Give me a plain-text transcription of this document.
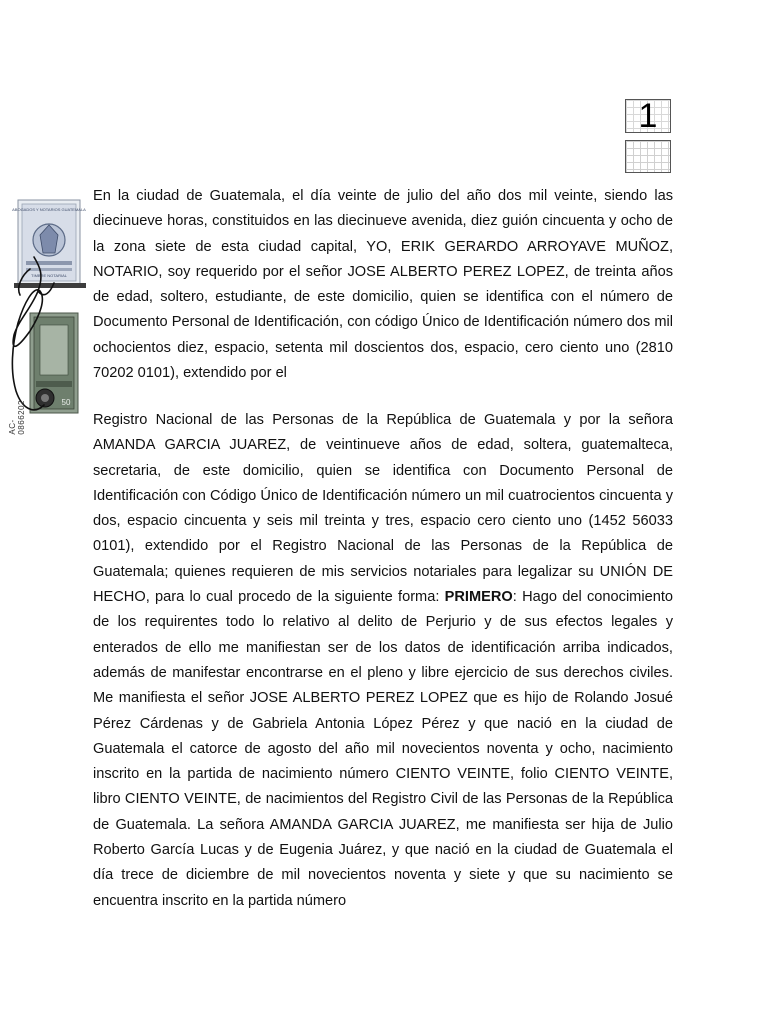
1
ABOGADOS Y NOTARIOS GUATEMALA
TIMBRE NOTARIAL
50
AC-0866202

En la ciudad de Guatemala, el día veinte de julio del año dos mil veinte, siendo las diecinueve horas, constituidos en las diecinueve avenida, diez guión cincuenta y ocho de la zona siete de esta ciudad capital, YO, ERIK GERARDO ARROYAVE MUÑOZ, NOTARIO, soy requerido por el señor JOSE ALBERTO PEREZ LOPEZ, de treinta años de edad, soltero, estudiante, de este domicilio, quien se identifica con el número de Documento Personal de Identificación, con código Único de Identificación número dos mil ochocientos diez, espacio, setenta mil doscientos dos, espacio, cero ciento uno (2810 70202 0101), extendido por el

Registro Nacional de las Personas de la República de Guatemala y por la señora AMANDA GARCIA JUAREZ, de veintinueve años de edad, soltera, guatemalteca, secretaria, de este domicilio, quien se identifica con Documento Personal de Identificación con Código Único de Identificación número un mil cuatrocientos cincuenta y dos, espacio cincuenta y seis mil treinta y tres, espacio cero ciento uno (1452 56033 0101), extendido por el Registro Nacional de las Personas de la República de Guatemala; quienes requieren de mis servicios notariales para legalizar su UNIÓN DE HECHO, para lo cual procedo de la siguiente forma: PRIMERO: Hago del conocimiento de los requirentes todo lo relativo al delito de Perjurio y de sus efectos legales y enterados de ello me manifiestan ser de los datos de identificación arriba indicados, además de manifestar encontrarse en el pleno y libre ejercicio de sus derechos civiles. Me manifiesta el señor JOSE ALBERTO PEREZ LOPEZ que es hijo de Rolando Josué Pérez Cárdenas y de Gabriela Antonia López Pérez y que nació en la ciudad de Guatemala el catorce de agosto del año mil novecientos noventa y ocho, nacimiento inscrito en la partida de nacimiento número CIENTO VEINTE, folio CIENTO VEINTE, libro CIENTO VEINTE, de nacimientos del Registro Civil de las Personas de la República de Guatemala. La señora AMANDA GARCIA JUAREZ, me manifiesta ser hija de Julio Roberto García Lucas y de Eugenia Juárez, y que nació en la ciudad de Guatemala el día trece de diciembre de mil novecientos noventa y siete y que su nacimiento se encuentra inscrito en la partida número
